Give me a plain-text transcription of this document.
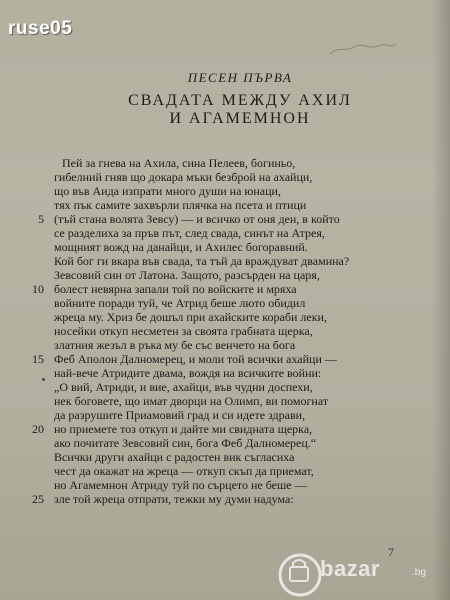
ruse05
ПЕСЕН ПЪРВА
СВАДАТА МЕЖДУ АХИЛ
И АГАМЕМНОН
Пей за гнева на Ахила, сина Пелеев, богиньо,
гибелний гняв що докара мъки безброй на ахайци,
що във Аида изпрати много души на юнаци,
тях пък самите захвърли плячка на псета и птици
(тъй стана волята Зевсу) — и всичко от оня ден, в който
се разделиха за пръв път, след свада, синът на Атрея,
мощният вожд на данайци, и Ахилес богоравний.
Кой бог ги вкара във свада, та тъй да враждуват двамина?
Зевсовий син от Латона. Защото, разсърден на царя,
болест невярна запали той по войските и мряха
войните поради туй, че Атрид беше люто обидил
жреца му. Хриз бе дошъл при ахайските кораби леки,
носейки откуп несметен за своята грабната щерка,
златния жезъл в ръка му бе със венчето на бога
Феб Аполон Далномерец, и моли той всички ахайци —
най-вече Атридите двама, вождя на всичките войни:
„О вий, Атриди, и вие, ахайци, във чудни доспехи,
нек боговете, що имат дворци на Олимп, ви помогнат
да разрушите Приамовий град и си идете здрави,
но приемете тоз откуп и дайте ми свидната щерка,
ако почитате Зевсовий син, бога Феб Далномерец.“
Всички други ахайци с радостен вик съгласиха
чест да окажат на жреца — откуп скъп да приемат,
но Агамемнон Атриду туй по сърцето не беше —
зле той жреца отпрати, тежки му думи надума:
5
10
15
20
25
7
bazar	.bg
